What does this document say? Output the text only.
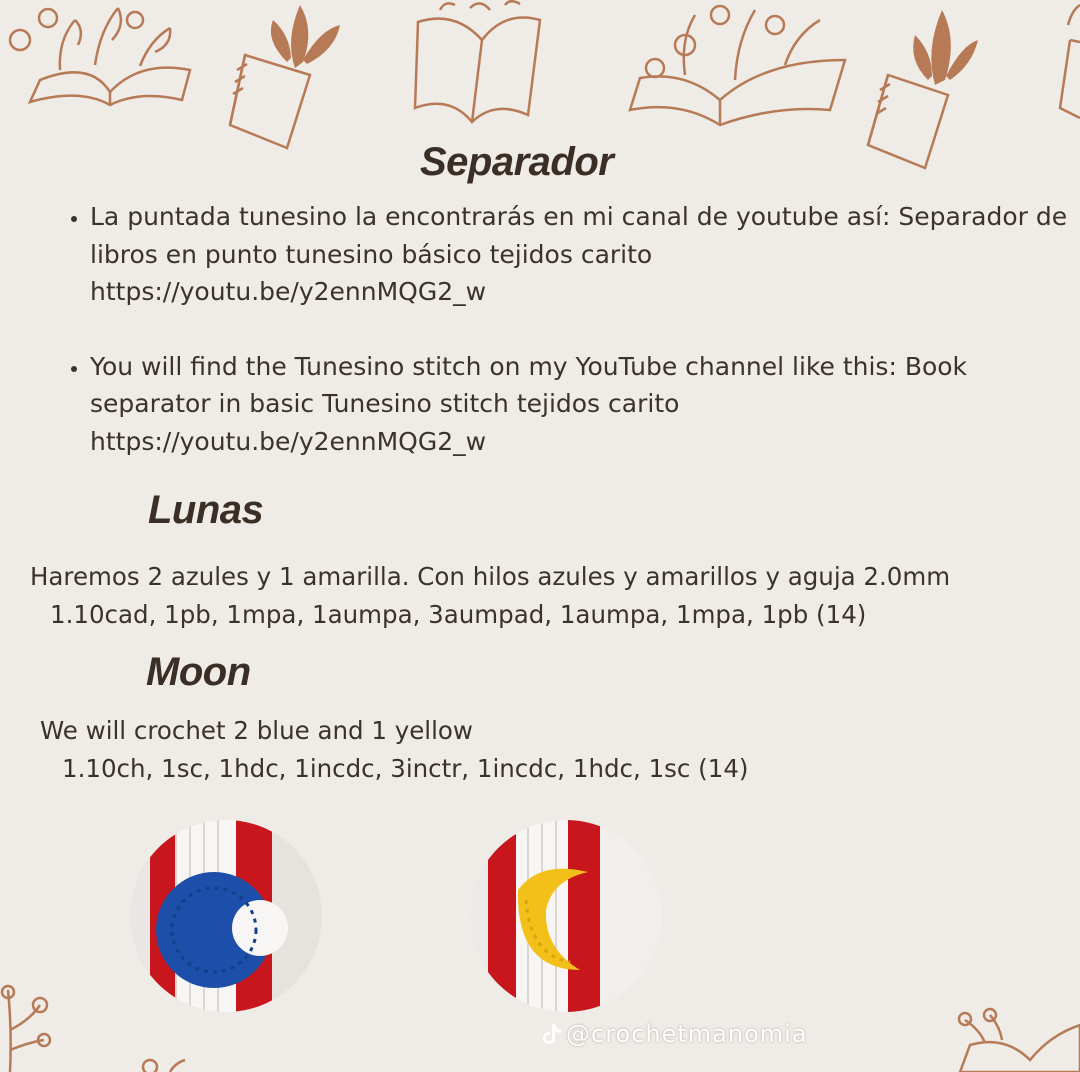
Separador
• La puntada tunesino la encontrarás en mi canal de youtube así: Separador de libros en punto tunesino básico tejidos carito
https://youtu.be/y2ennMQG2_w
• You will find the Tunesino stitch on my YouTube channel like this: Book separator in basic Tunesino stitch tejidos carito
https://youtu.be/y2ennMQG2_w
Lunas

Haremos 2 azules y 1 amarilla. Con hilos azules y amarillos y aguja 2.0mm

1.10cad, 1pb, 1mpa, 1aumpa, 3aumpad, 1aumpa, 1mpa, 1pb (14)

Moon

We will crochet 2 blue and 1 yellow

1.10ch, 1sc, 1hdc, 1incdc, 3inctr, 1incdc, 1hdc, 1sc (14)

@crochetmanomia
